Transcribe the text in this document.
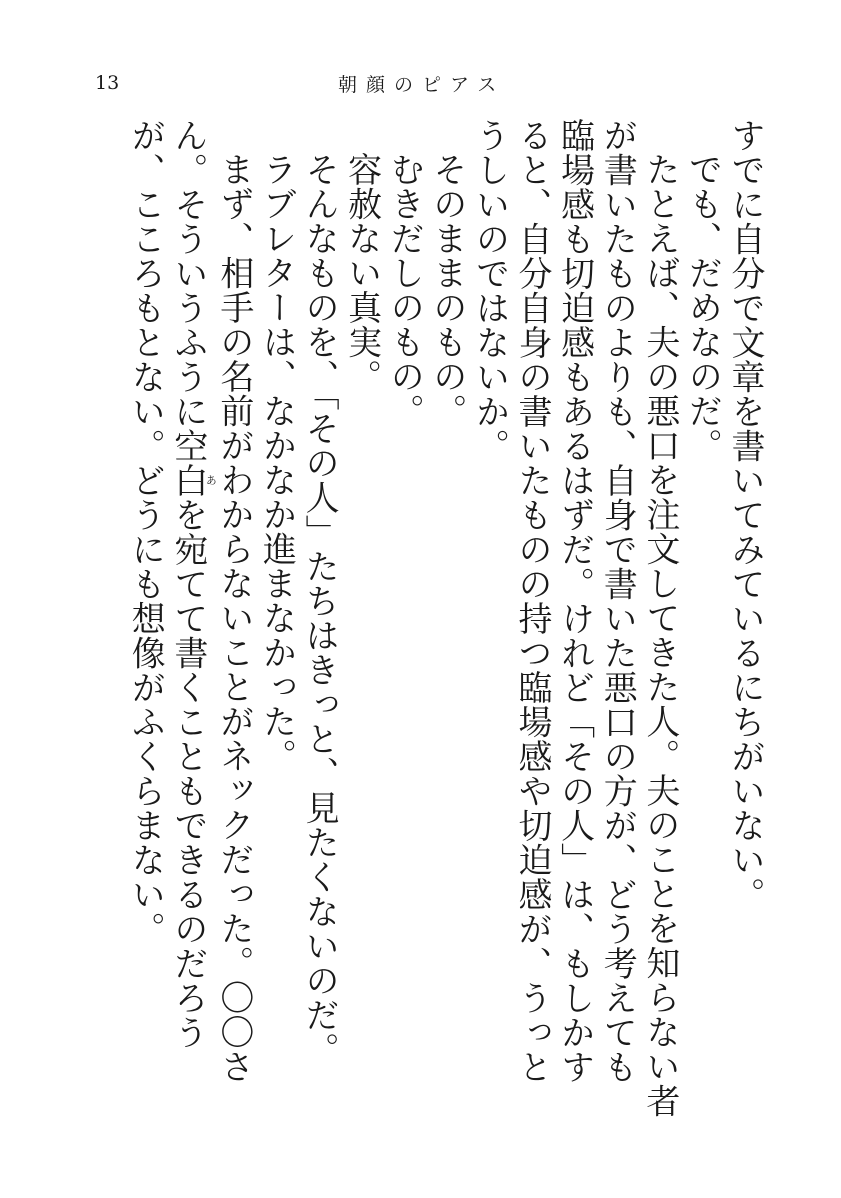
13	朝顔のピアス

すでに自分で文章を書いてみているにちがいない。

でも、だめなのだ。

たとえば、夫の悪口を注文してきた人。夫のことを知らない者が書いたものよりも、自身で書いた悪口の方が、どう考えても臨場感も切迫感もあるはずだ。けれど「その人」は、もしかすると、自分自身の書いたものの持つ臨場感や切迫感が、うっとうしいのではないか。

そのままのもの。

むきだしのもの。

容赦ない真実。

そんなものを、「その人」たちはきっと、見たくないのだ。

ラブレターは、なかなか進まなかった。

まず、相手の名前がわからないことがネックだった。〇〇さん。そういうふうに空白あを宛てて書くこともできるのだろうが、こころもとない。どうにも想像がふくらまない。
